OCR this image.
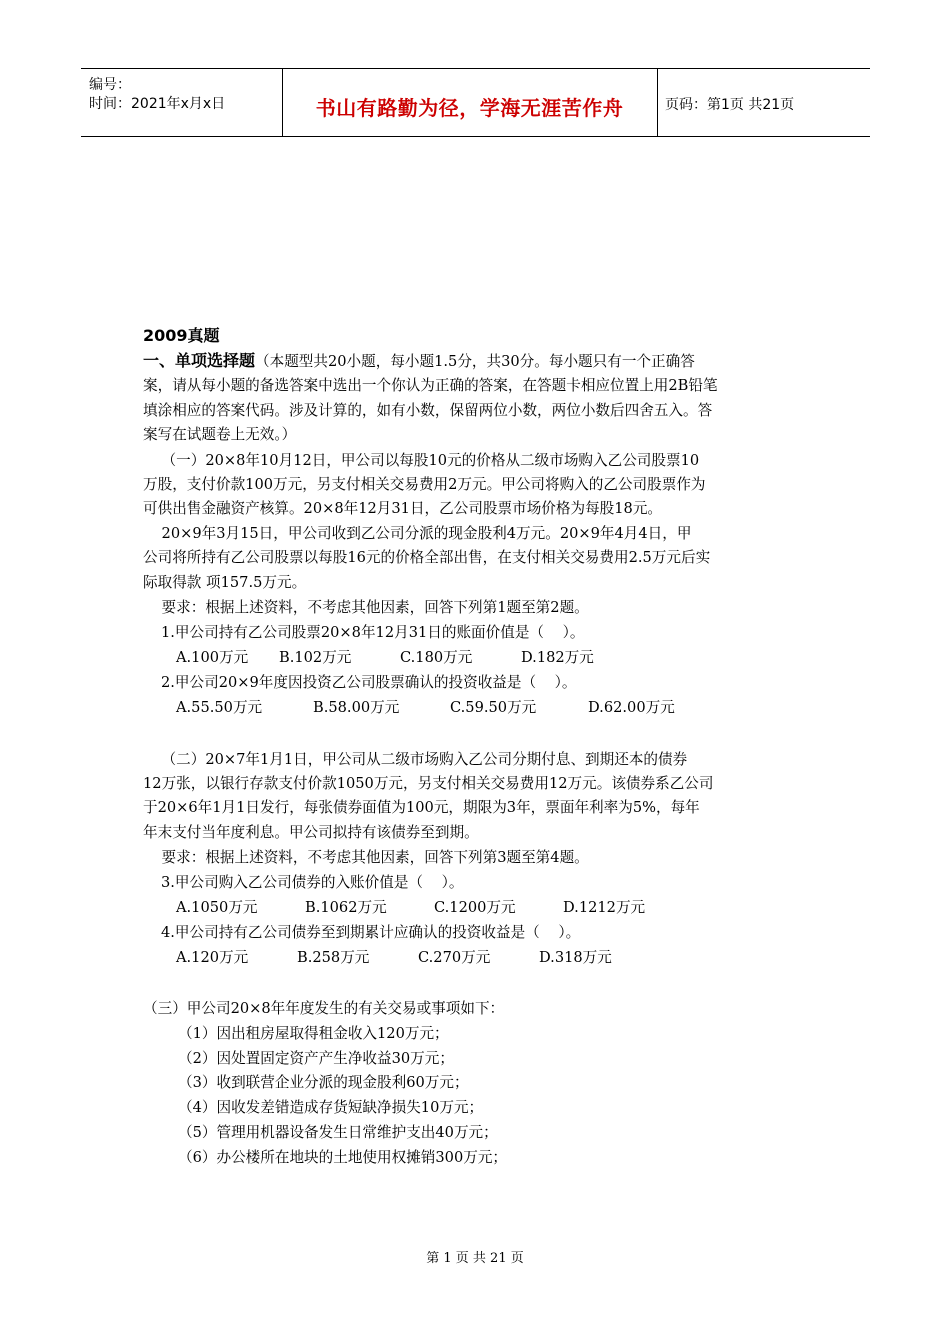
编号：
时间：2021年x月x日	书山有路勤为径，学海无涯苦作舟	页码：第1页 共21页
2009真题
一、单项选择题（本题型共20小题，每小题1.5分，共30分。每小题只有一个正确答
案，请从每小题的备选答案中选出一个你认为正确的答案，在答题卡相应位置上用2B铅笔
填涂相应的答案代码。涉及计算的，如有小数，保留两位小数，两位小数后四舍五入。答
案写在试题卷上无效。）
（一）20×8年10月12日，甲公司以每股10元的价格从二级市场购入乙公司股票10
万股，支付价款100万元，另支付相关交易费用2万元。甲公司将购入的乙公司股票作为
可供出售金融资产核算。20×8年12月31日，乙公司股票市场价格为每股18元。
20×9年3月15日，甲公司收到乙公司分派的现金股利4万元。20×9年4月4日，甲
公司将所持有乙公司股票以每股16元的价格全部出售，在支付相关交易费用2.5万元后实
际取得款 项157.5万元。
要求：根据上述资料，不考虑其他因素，回答下列第1题至第2题。
1.甲公司持有乙公司股票20×8年12月31日的账面价值是（    ）。
A.100万元 B.102万元	C.180万元	D.182万元
2.甲公司20×9年度因投资乙公司股票确认的投资收益是（    ）。
A.55.50万元	B.58.00万元	C.59.50万元	D.62.00万元
（二）20×7年1月1日，甲公司从二级市场购入乙公司分期付息、到期还本的债券
12万张，以银行存款支付价款1050万元，另支付相关交易费用12万元。该债券系乙公司
于20×6年1月1日发行，每张债券面值为100元，期限为3年，票面年利率为5%，每年
年末支付当年度利息。甲公司拟持有该债券至到期。
要求：根据上述资料，不考虑其他因素，回答下列第3题至第4题。
3.甲公司购入乙公司债券的入账价值是（    ）。
A.1050万元	B.1062万元	C.1200万元	D.1212万元
4.甲公司持有乙公司债券至到期累计应确认的投资收益是（    ）。
A.120万元	B.258万元	C.270万元	D.318万元
（三）甲公司20×8年年度发生的有关交易或事项如下：
（1）因出租房屋取得租金收入120万元；
（2）因处置固定资产产生净收益30万元；
（3）收到联营企业分派的现金股利60万元；
（4）因收发差错造成存货短缺净损失10万元；
（5）管理用机器设备发生日常维护支出40万元；
（6）办公楼所在地块的土地使用权摊销300万元；
第 1 页 共 21 页
